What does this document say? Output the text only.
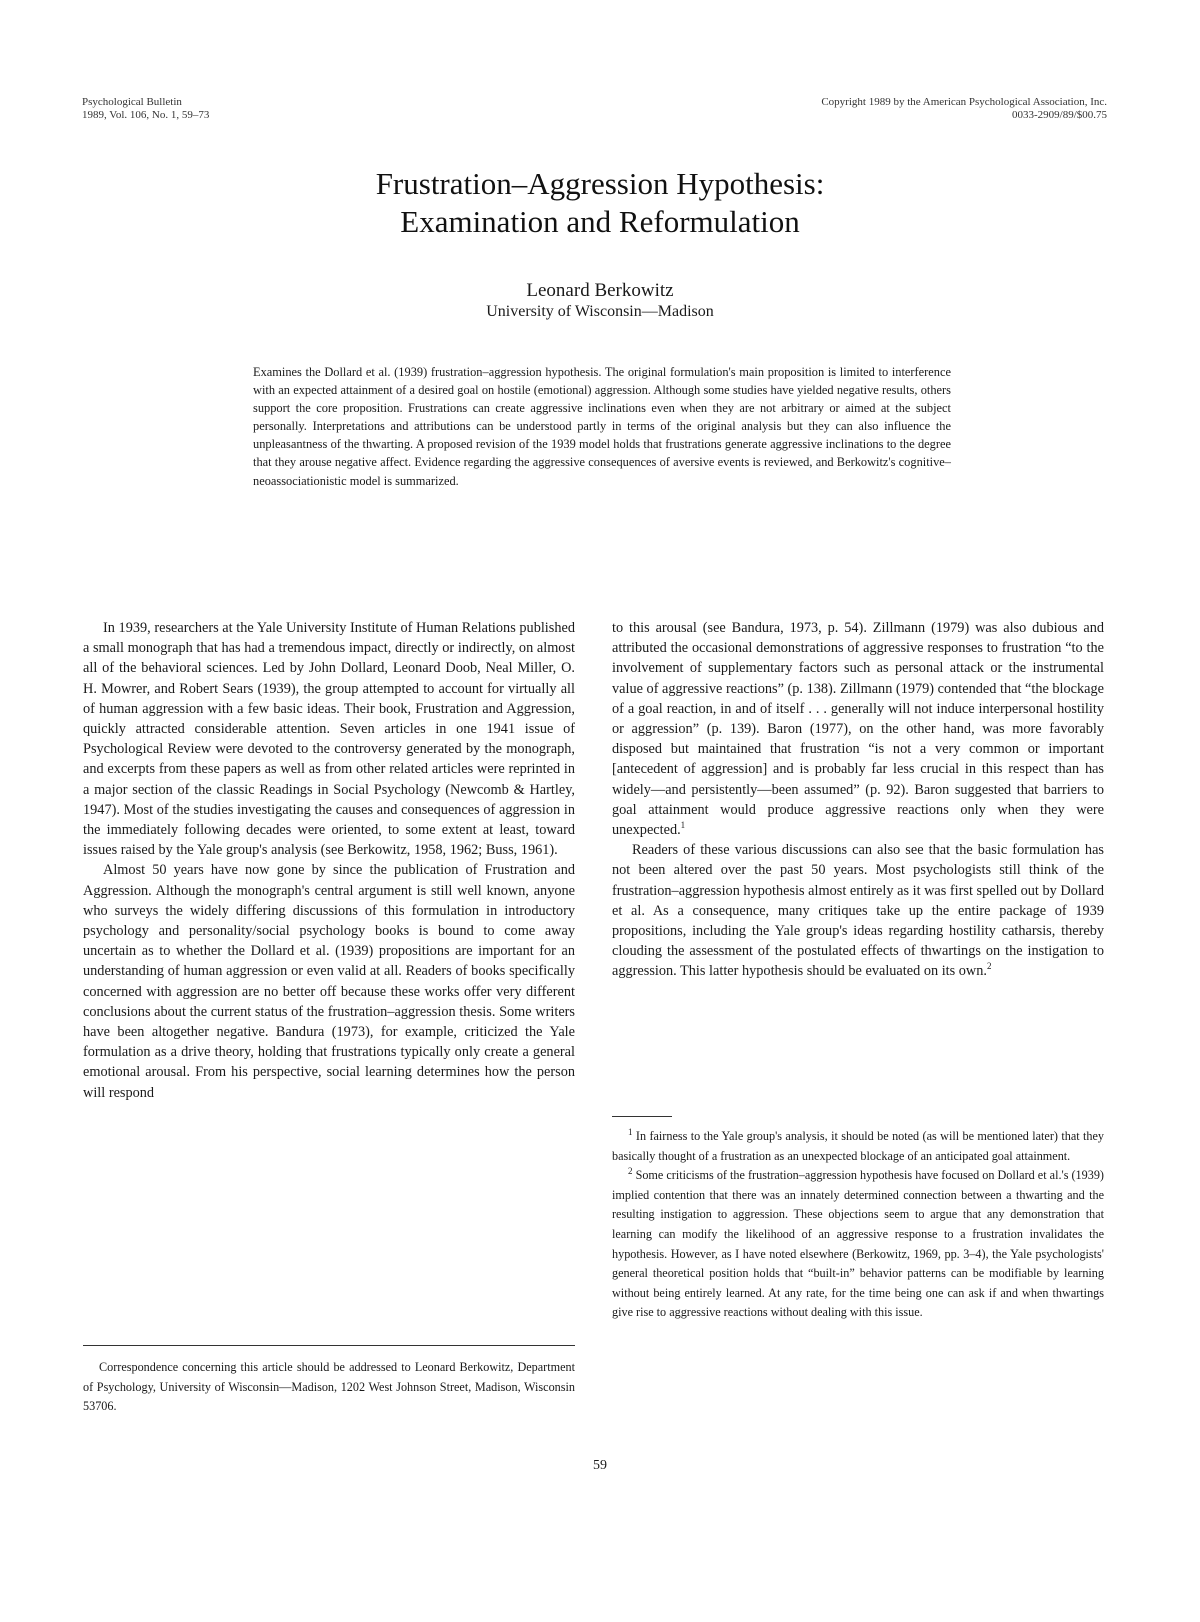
Psychological Bulletin
1989, Vol. 106, No. 1, 59–73
Copyright 1989 by the American Psychological Association, Inc.
0033-2909/89/$00.75
Frustration–Aggression Hypothesis:
Examination and Reformulation
Leonard Berkowitz
University of Wisconsin—Madison
Examines the Dollard et al. (1939) frustration–aggression hypothesis. The original formulation's main proposition is limited to interference with an expected attainment of a desired goal on hostile (emotional) aggression. Although some studies have yielded negative results, others support the core proposition. Frustrations can create aggressive inclinations even when they are not arbitrary or aimed at the subject personally. Interpretations and attributions can be understood partly in terms of the original analysis but they can also influence the unpleasantness of the thwarting. A proposed revision of the 1939 model holds that frustrations generate aggressive inclinations to the degree that they arouse negative affect. Evidence regarding the aggressive consequences of aversive events is reviewed, and Berkowitz's cognitive–neoassociationistic model is summarized.

In 1939, researchers at the Yale University Institute of Human Relations published a small monograph that has had a tremendous impact, directly or indirectly, on almost all of the behavioral sciences. Led by John Dollard, Leonard Doob, Neal Miller, O. H. Mowrer, and Robert Sears (1939), the group attempted to account for virtually all of human aggression with a few basic ideas. Their book, Frustration and Aggression, quickly attracted considerable attention. Seven articles in one 1941 issue of Psychological Review were devoted to the controversy generated by the monograph, and excerpts from these papers as well as from other related articles were reprinted in a major section of the classic Readings in Social Psychology (Newcomb & Hartley, 1947). Most of the studies investigating the causes and consequences of aggression in the immediately following decades were oriented, to some extent at least, toward issues raised by the Yale group's analysis (see Berkowitz, 1958, 1962; Buss, 1961).

Almost 50 years have now gone by since the publication of Frustration and Aggression. Although the monograph's central argument is still well known, anyone who surveys the widely differing discussions of this formulation in introductory psychology and personality/social psychology books is bound to come away uncertain as to whether the Dollard et al. (1939) propositions are important for an understanding of human aggression or even valid at all. Readers of books specifically concerned with aggression are no better off because these works offer very different conclusions about the current status of the frustration–aggression thesis. Some writers have been altogether negative. Bandura (1973), for example, criticized the Yale formulation as a drive theory, holding that frustrations typically only create a general emotional arousal. From his perspective, social learning determines how the person will respond

to this arousal (see Bandura, 1973, p. 54). Zillmann (1979) was also dubious and attributed the occasional demonstrations of aggressive responses to frustration “to the involvement of supplementary factors such as personal attack or the instrumental value of aggressive reactions” (p. 138). Zillmann (1979) contended that “the blockage of a goal reaction, in and of itself . . . generally will not induce interpersonal hostility or aggression” (p. 139). Baron (1977), on the other hand, was more favorably disposed but maintained that frustration “is not a very common or important [antecedent of aggression] and is probably far less crucial in this respect than has widely—and persistently—been assumed” (p. 92). Baron suggested that barriers to goal attainment would produce aggressive reactions only when they were unexpected.$^1$

Readers of these various discussions can also see that the basic formulation has not been altered over the past 50 years. Most psychologists still think of the frustration–aggression hypothesis almost entirely as it was first spelled out by Dollard et al. As a consequence, many critiques take up the entire package of 1939 propositions, including the Yale group's ideas regarding hostility catharsis, thereby clouding the assessment of the postulated effects of thwartings on the instigation to aggression. This latter hypothesis should be evaluated on its own.$^2$

$^1$ In fairness to the Yale group's analysis, it should be noted (as will be mentioned later) that they basically thought of a frustration as an unexpected blockage of an anticipated goal attainment.

$^2$ Some criticisms of the frustration–aggression hypothesis have focused on Dollard et al.'s (1939) implied contention that there was an innately determined connection between a thwarting and the resulting instigation to aggression. These objections seem to argue that any demonstration that learning can modify the likelihood of an aggressive response to a frustration invalidates the hypothesis. However, as I have noted elsewhere (Berkowitz, 1969, pp. 3–4), the Yale psychologists' general theoretical position holds that “built-in” behavior patterns can be modifiable by learning without being entirely learned. At any rate, for the time being one can ask if and when thwartings give rise to aggressive reactions without dealing with this issue.

Correspondence concerning this article should be addressed to Leonard Berkowitz, Department of Psychology, University of Wisconsin—Madison, 1202 West Johnson Street, Madison, Wisconsin 53706.

59
